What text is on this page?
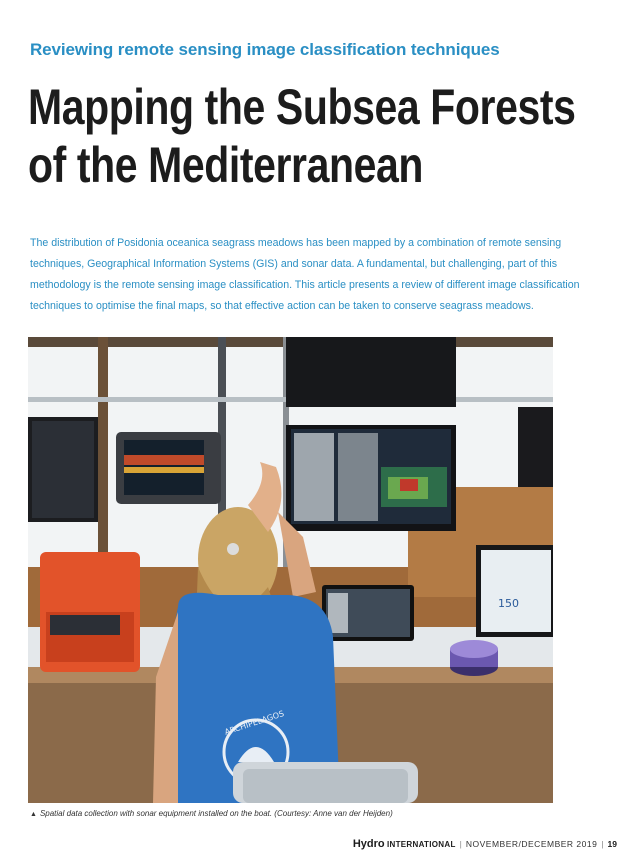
Reviewing remote sensing image classification techniques
Mapping the Subsea Forests
of the Mediterranean
The distribution of Posidonia oceanica seagrass meadows has been mapped by a combination of remote sensing techniques, Geographical Information Systems (GIS) and sonar data. A fundamental, but challenging, part of this methodology is the remote sensing image classification. This article presents a review of different image classification techniques to optimise the final maps, so that effective action can be taken to conserve seagrass meadows.
150
ARCHIPELAGOS
▲ Spatial data collection with sonar equipment installed on the boat. (Courtesy: Anne van der Heijden)
Hydro INTERNATIONAL | NOVEMBER/DECEMBER 2019 | 19
